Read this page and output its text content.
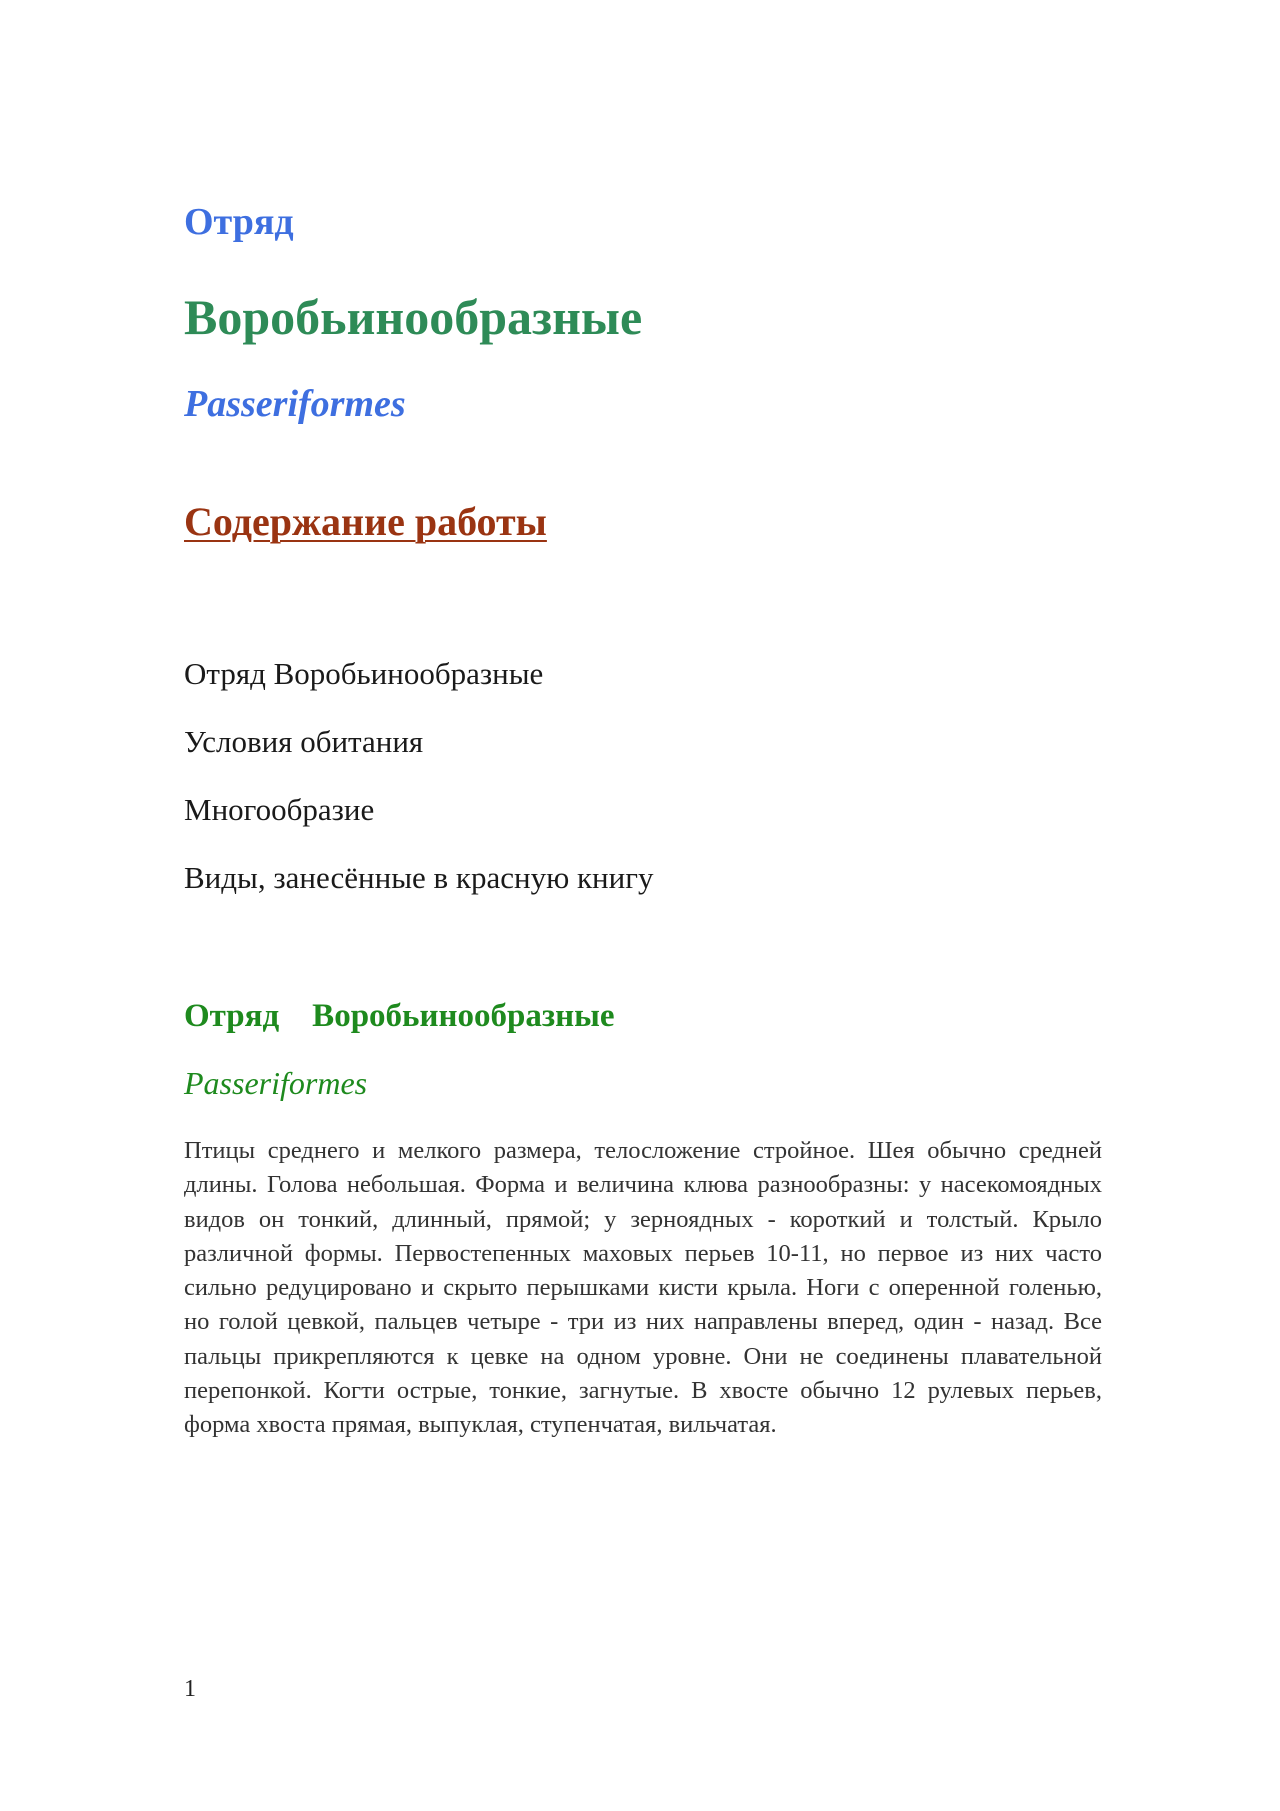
Отряд
Воробьинообразные
Passeriformes
Содержание работы
Отряд Воробьинообразные
Условия обитания
Многообразие
Виды, занесённые в красную книгу
Отряд    Воробьинообразные
Passeriformes

Птицы среднего и мелкого размера, телосложение стройное. Шея обычно средней длины. Голова небольшая. Форма и величина клюва разнообразны: у насекомоядных видов он тонкий, длинный, прямой; у зерноядных - короткий и толстый. Крыло различной формы. Первостепенных маховых перьев 10-11, но первое из них часто сильно редуцировано и скрыто перышками кисти крыла. Ноги с оперенной голенью, но голой цевкой, пальцев четыре - три из них направлены вперед, один - назад. Все пальцы прикрепляются к цевке на одном уровне. Они не соединены плавательной перепонкой. Когти острые, тонкие, загнутые. В хвосте обычно 12 рулевых перьев, форма хвоста прямая, выпуклая, ступенчатая, вильчатая.

1
